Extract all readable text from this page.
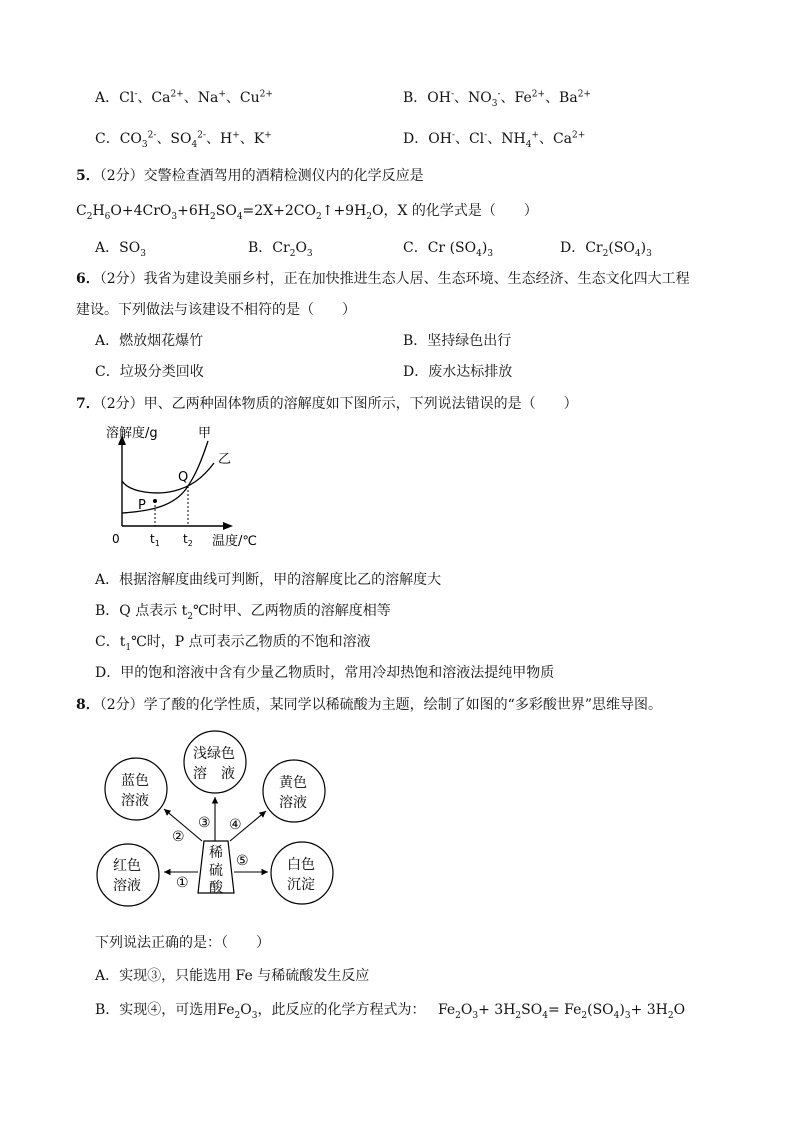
A．Cl-、$Ca^{2+}$、Na+、$Cu^{2+}$	B．OH-、$NO_3^-$、$Fe^{2+}$、$Ba^{2+}$
C．$CO_3^{2-}$、$SO_4^{2-}$、H+、K+	D．OH-、Cl-、$NH_4^+$、$Ca^{2+}$
5．（2分）交警检查酒驾用的酒精检测仪内的化学反应是
$C_2H_6O+4CrO_3+6H_2SO_4=2X+2CO_2↑+9H_2O$，X 的化学式是（　　）
A．$SO_3$	B．$Cr_2O_3$	C．Cr $(SO_4)_3$	D．$Cr_2(SO_4)_3$
6．（2分）我省为建设美丽乡村，正在加快推进生态人居、生态环境、生态经济、生态文化四大工程
建设。下列做法与该建设不相符的是（　　）
A．燃放烟花爆竹	B．坚持绿色出行
C．垃圾分类回收	D．废水达标排放
7．（2分）甲、乙两种固体物质的溶解度如下图所示，下列说法错误的是（　　）
P
Q
溶解度/g	甲
乙
0	$t_1$ $t_2$ 温度/℃
A．根据溶解度曲线可判断，甲的溶解度比乙的溶解度大
B．Q 点表示 $t_2℃$时甲、乙两物质的溶解度相等
C．$t_1℃$时，P 点可表示乙物质的不饱和溶液
D．甲的饱和溶液中含有少量乙物质时，常用冷却热饱和溶液法提纯甲物质
8．（2分）学了酸的化学性质，某同学以稀硫酸为主题，绘制了如图的“多彩酸世界”思维导图。
稀
硫
酸
蓝色
溶液
浅绿色
溶　液
黄色
溶液
红色
溶液
白色
沉淀
①
②
③ ④
⑤
下列说法正确的是：（　　）
A．实现③，只能选用 Fe 与稀硫酸发生反应
B．实现④，可选用$Fe_2O_3$，此反应的化学方程式为： $Fe_2O_3+ 3H_2SO_4= Fe_2(SO_4)_3+ 3H_2O$
